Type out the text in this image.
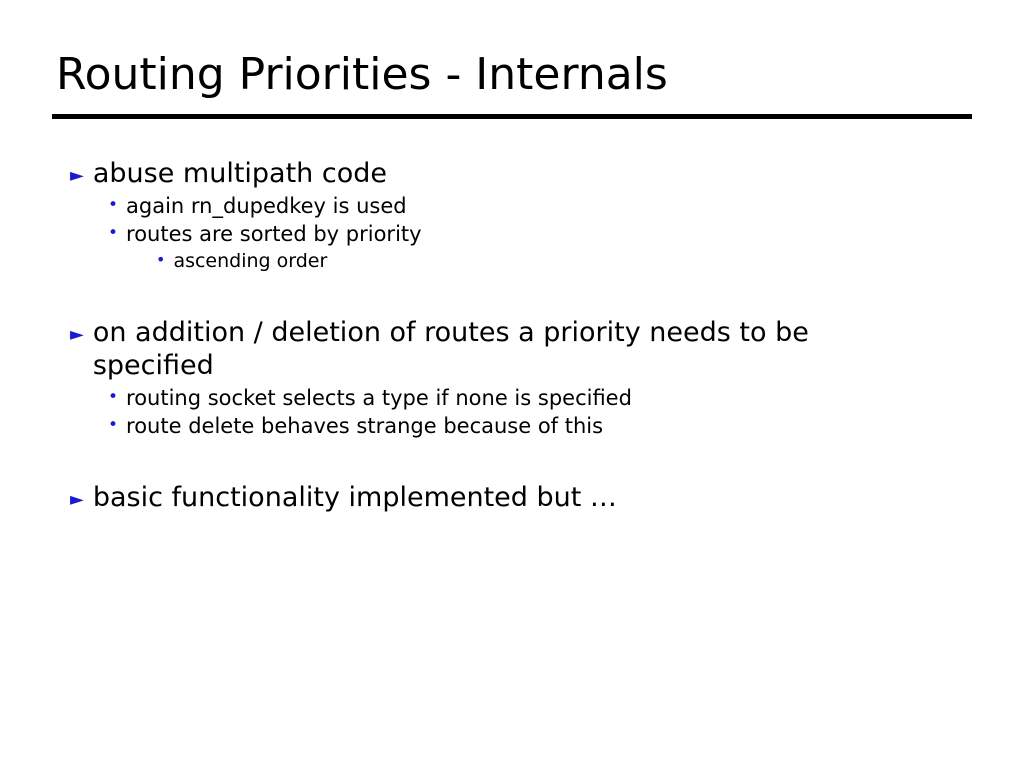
Routing Priorities - Internals
► abuse multipath code
• again rn_dupedkey is used
• routes are sorted by priority
• ascending order
► on addition / deletion of routes a priority needs to be specified
• routing socket selects a type if none is specified
• route delete behaves strange because of this
► basic functionality implemented but …
